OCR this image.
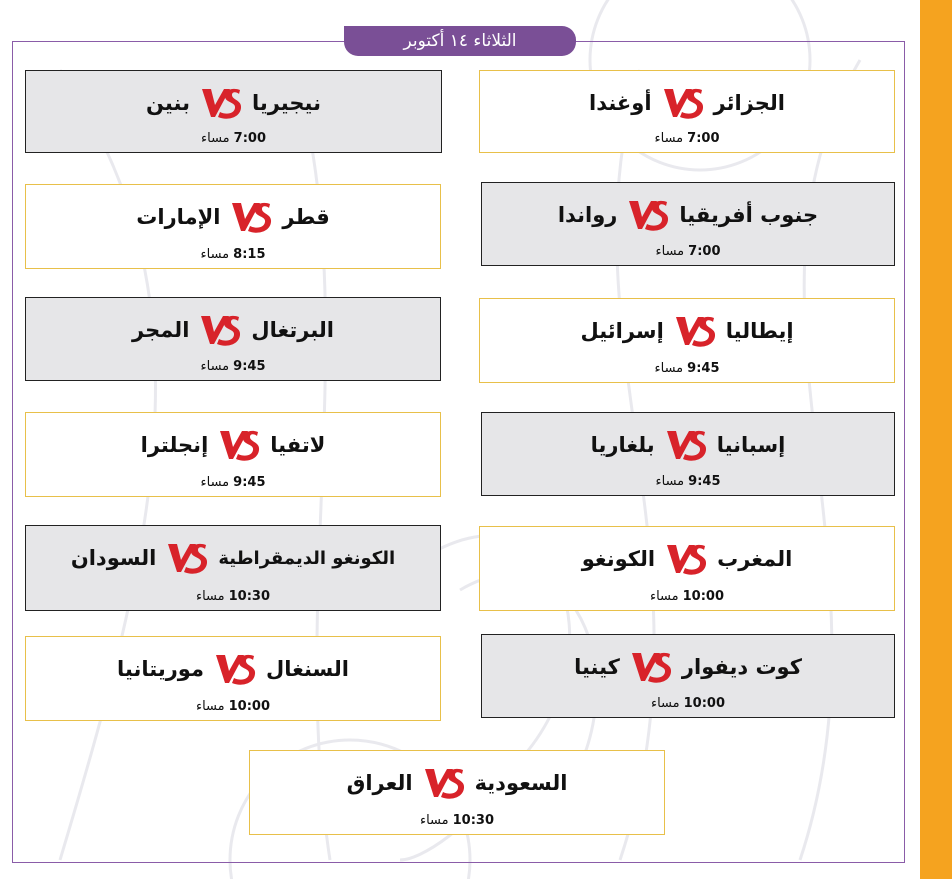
الثلاثاء ١٤ أكتوبر
الجزائر
أوغندا
7:00
مساء
نيجيريا
بنين
7:00
مساء
جنوب أفريقيا
رواندا
7:00
مساء
قطر
الإمارات
8:15
مساء
إيطاليا
إسرائيل
9:45
مساء
البرتغال
المجر
9:45
مساء
إسبانيا
بلغاريا
9:45
مساء
لاتفيا
إنجلترا
9:45
مساء
المغرب
الكونغو
10:00
مساء
الكونغو الديمقراطية
السودان
10:30
مساء
كوت ديفوار
كينيا
10:00
مساء
السنغال
موريتانيا
10:00
مساء
السعودية
العراق
10:30
مساء
